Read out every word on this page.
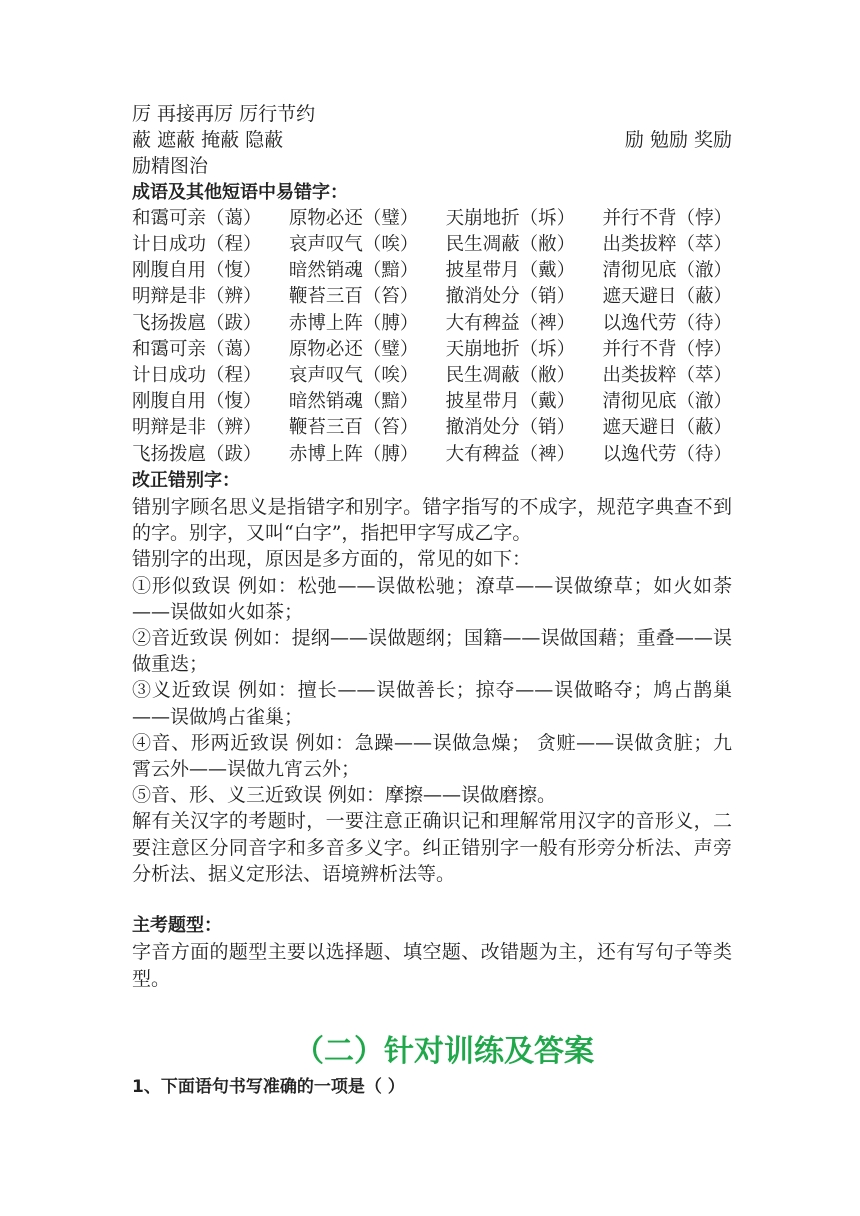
厉 再接再厉 厉行节约
蔽 遮蔽 掩蔽 隐蔽	励 勉励 奖励
励精图治
成语及其他短语中易错字：
和霭可亲（蔼） 原物必还（璧） 天崩地折（坼） 并行不背（悖）
计日成功（程） 哀声叹气（唉） 民生凋蔽（敝） 出类拔粹（萃）
刚腹自用（愎） 暗然销魂（黯） 披星带月（戴） 清彻见底（澈）
明辩是非（辨） 鞭苔三百（笞） 撤消处分（销） 遮天避日（蔽）
飞扬拨扈（跋） 赤博上阵（膊） 大有稗益（裨） 以逸代劳（待）
和霭可亲（蔼） 原物必还（璧） 天崩地折（坼） 并行不背（悖）
计日成功（程） 哀声叹气（唉） 民生凋蔽（敝） 出类拔粹（萃）
刚腹自用（愎） 暗然销魂（黯） 披星带月（戴） 清彻见底（澈）
明辩是非（辨） 鞭苔三百（笞） 撤消处分（销） 遮天避日（蔽）
飞扬拨扈（跋） 赤博上阵（膊） 大有稗益（裨） 以逸代劳（待）
改正错别字：
错别字顾名思义是指错字和别字。错字指写的不成字，规范字典查不到的字。别字，又叫“白字”，指把甲字写成乙字。
错别字的出现，原因是多方面的，常见的如下：
①形似致误 例如：松弛——误做松驰；潦草——误做缭草；如火如荼——误做如火如茶；
②音近致误 例如：提纲——误做题纲；国籍——误做国藉；重叠——误做重迭；
③义近致误 例如：擅长——误做善长；掠夺——误做略夺；鸠占鹊巢——误做鸠占雀巢；
④音、形两近致误 例如：急躁——误做急燥； 贪赃——误做贪脏；九霄云外——误做九宵云外；
⑤音、形、义三近致误 例如：摩擦——误做磨擦。
解有关汉字的考题时，一要注意正确识记和理解常用汉字的音形义，二要注意区分同音字和多音多义字。纠正错别字一般有形旁分析法、声旁分析法、据义定形法、语境辨析法等。
主考题型：
字音方面的题型主要以选择题、填空题、改错题为主，还有写句子等类型。
（二）针对训练及答案
1、下面语句书写准确的一项是（ ）
